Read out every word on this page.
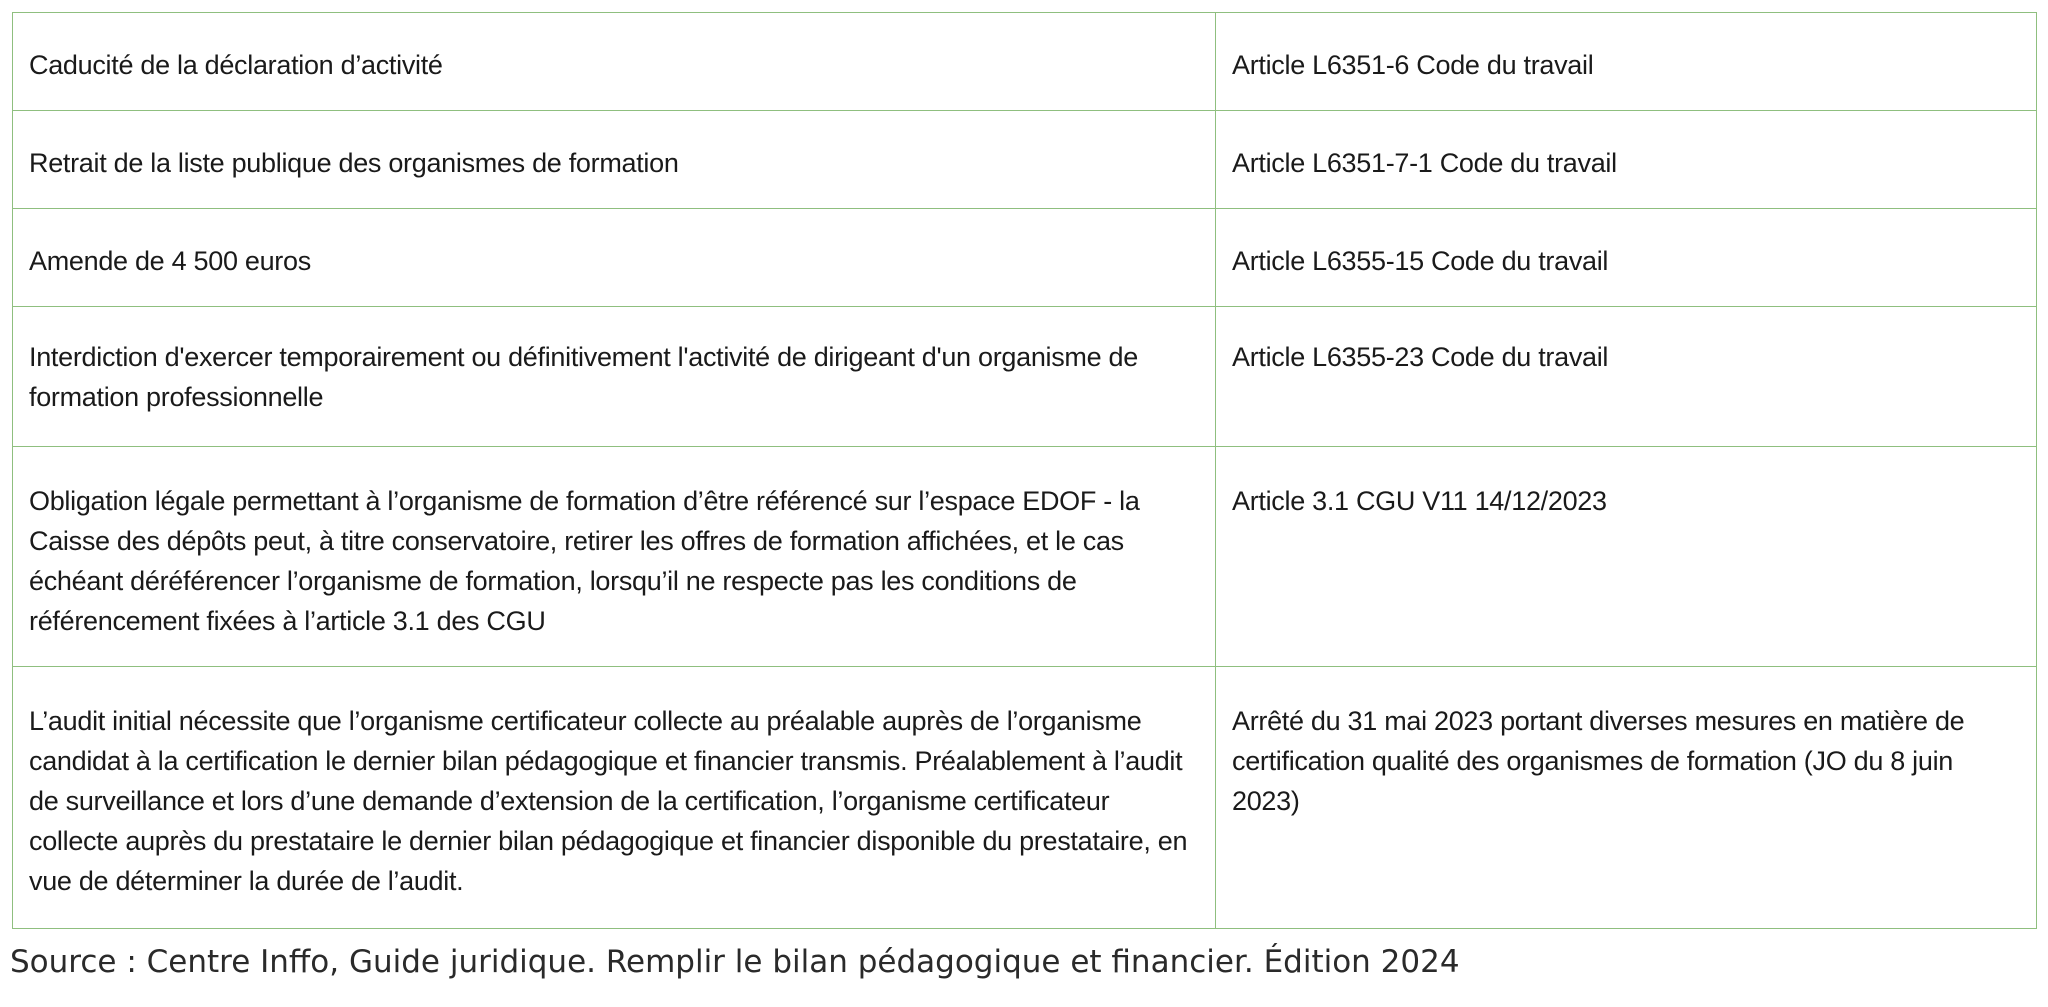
Caducité de la déclaration d’activité	Article L6351-6 Code du travail
Retrait de la liste publique des organismes de formation	Article L6351-7-1 Code du travail
Amende de 4 500 euros	Article L6355-15 Code du travail
Interdiction d'exercer temporairement ou définitivement l'activité de dirigeant d'un organisme de formation professionnelle	Article L6355-23 Code du travail
Obligation légale permettant à l’organisme de formation d’être référencé sur l’espace EDOF - la Caisse des dépôts peut, à titre conservatoire, retirer les offres de formation affichées, et le cas échéant déréférencer l’organisme de formation, lorsqu’il ne respecte pas les conditions de référencement fixées à l’article 3.1 des CGU	Article 3.1 CGU V11 14/12/2023
L’audit initial nécessite que l’organisme certificateur collecte au préalable auprès de l’organisme candidat à la certification le dernier bilan pédagogique et financier transmis. Préalablement à l’audit de surveillance et lors d’une demande d’extension de la certification, l’organisme certificateur collecte auprès du prestataire le dernier bilan pédagogique et financier disponible du prestataire, en vue de déterminer la durée de l’audit.	Arrêté du 31 mai 2023 portant diverses mesures en matière de certification qualité des organismes de formation (JO du 8 juin 2023)
Source : Centre Inffo, Guide juridique. Remplir le bilan pédagogique et financier. Édition 2024
